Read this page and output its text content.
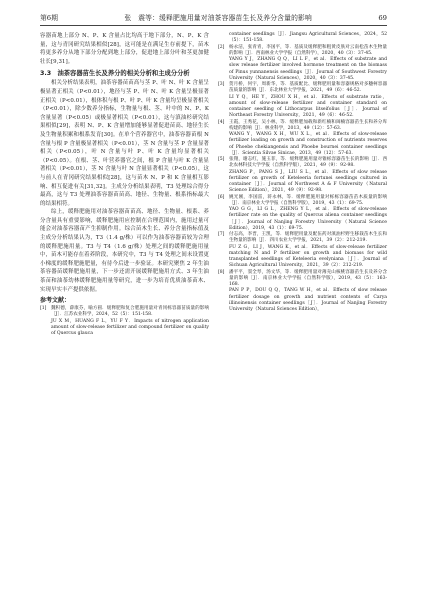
第6期	张　震等：缓释肥施用量对油茶容器苗生长及养分含量的影响	69

容器苗地上部分 N、P、K 含量占比均高于地下部分，N、P、K 含量，这与青冈研究结果相似[28]，这可能是在满足生存前提下，苗木将更多养分从地下部分分配到地上部分，促进地上部分叶和茎更加健壮长[9,31]。

3.3　油茶容器苗生长及养分的相关分析和主成分分析

相关分析结果表明，油茶容器苗苗高与茎 P、叶 N、叶 K 含量呈极显著正相关（P<0.01），地径与茎 P、叶 N、叶 K 含量呈极显著正相关（P<0.01），根体积与根 P、叶 P、叶 K 含量均呈极显著相关（P<0.01），除少数养分指标，生物量与根、茎、叶中的 N、P、K 含量显著（P<0.05）或极显著相关（P<0.01），这与滇油杉研究结果相似[29]，表明 N、P、K 含量增加能够显著促进苗高、地径生长及生物量积累和根系发育[30]。在单个营养器官中，油茶容器苗根 N 含量与根 P 含量极显著相关（P<0.01），茎 N 含量与茎 P 含量显著相关（P<0.05），叶 N 含量与叶 P、叶 K 含量均显著相关（P<0.05）。在根、茎、叶营养器官之间，根 P 含量与叶 K 含量显著相关（P<0.01），茎 N 含量与叶 N 含量显著相关（P<0.05），这与前人在青冈研究结果相似[28]，这与苗木 N、P 和 K 含量相互影响、相互促进有关[31,32]。主成分分析结果表明，T3 处理综合得分最高，这与 T3 处理油茶容器苗苗高、地径、生物量、根系指标最大的结果相符。

综上，缓释肥施用对油茶容器苗苗高、地径、生物量、根系、养分含量具有重要影响，缓释肥施用应控制在合理范围内，施用过量可能会对油茶容器苗产生抑制作用。综合苗木生长、养分含量指标值及主成分分析结果认为，T3（1.4 g/株）可以作为油茶容器苗较为合理的缓释肥施用量。T3 与 T4（1.6 g/株）处理之间的缓释肥施用量中，苗木可能存在着养阶段，本研究中，T3 与 T4 处理之间未设置更小梯度的缓释肥施肥量，有待今后进一步验证。本研究聚焦 2 年生油茶容器苗缓释肥施用量，下一步还需开展缓释肥施用方式、3 年生油茶苗和油茶幼林缓释肥施用量等研究，进一步为培育优质油茶苗木、实现早实丰产提供依据。

参考文献：
[1] 魏积德，薛康芬，喻方圆．缓释肥和复合肥施用量对青冈栎容器苗质量的影响［J］．江苏农业科学，2024，52（5）：151-158.
JU X M，HUANG F L，YU F Y．Impacts of nitrogen application amount of slow-release fertilizer and compound fertilizer on quality of Quercus glauca
container seedlings［J］．Jiangsu Agricultural Sciences，2024，52（5）：151-158.
[2] 杨永洁，张青青，李国平，等．基质及缓释肥和粗黄皮肤对云南松苗木生物量的影响［J］．西南林业大学学报（自然科学），2020，40（3）：37-45.
YANG Y J，ZHANG Q Q，LI L F，et al．Effects of substrate and slow release fertilizer involved hormone treatment on the biomass of Pinus yunnanensis seedlings［J］．Journal of Southwest Forestry University（Natural Sciences），2020，40（3）：37-45.
[3] 贺月桥，何宇，周新华，等．基质配比、缓释肥用量和容器规格对多穗柯容器苗质量的影响［J］．东北林业大学学报，2021，49（6）：46-52.
LI Y Q，HE Y，ZHOU X H，et al．Effects of substrate ratio，amount of slow-release fertilizer and container standard on container seedling of Lithocarpus litseifolius［J］．Journal of Northeast Forestry University，2021，49（6）：46-52.
[4] 王霞，王秀花，吴小林，等．缓释肥加载和新红楠和闽楠容器苗生长和养分库构建的影响［J］．林业科学，2013，49（12）：57-63.
WANG Y，WANG X H，WU X L，et al．Effects of slow-release fertilizer loading on growth and construction of nutrients reserves of Phoebe chekiangensis and Phoebe bournei container seedlings［J］．Scientia Silvae Sinicae，2013，49（12）：57-63.
[5] 张翔，谢志红，施玉菲，等．缓释肥施用量对锥栎容器苗生长的影响［J］．西北农林科技大学学报（自然科学版），2021，49（9）：92-98.
ZHANG P，PANG S J，LIU S L，et al．Effects of slow release fertilizer on growth of Keteleeria fortunei seedlings cultured in container［J］．Journal of Northwest A & F University（Natural Science Edition），2021，49（9）：92-98.
[6] 姚光刚，李国雷，蒋永林，等．缓释肥施用量对栎栎容器苗苗木质量的影响［J］．南京林业大学学报（自然科学版），2019，43（1）：69-75.
YAO G G，LI G L，ZHENG Y L，et al．Effects of slow-release fertilizer rate on the quality of Quercus aliena container seedlings［J］．Journal of Nanjing Forestry University（Natural Science Edition），2019，43（1）：69-75.
[7] 付志高，李晋，王凯，等．缓释肥用量及配伍药对滇油杉野生移栽苗木生长和生物量的影响［J］．四川农业大学学报，2021，39（2）：212-219.
FU Z G，LI J，WANG K，et al．Effects of slow-release fertilizer matching N and P fertilizer on growth and biomass for wild transplanted seedlings of Keteleeria evelyniana［J］．Journal of Sichuan Agricultural University，2021，39（2）：212-219.
[8] 潘平平，窦全琴，汤文华，等．缓释肥用量对薄壳山核桃容器苗生长及养分含量的影响［J］．南京林业大学学报（自然科学版），2019，43（5）：163-168.
PAN P P，DOU Q Q，TANG W H，et al．Effects of slow release fertilizer dosage on growth and nutrient contents of Carya illinoinensis container seedlings［J］．Journal of Nanjing Forestry University（Natural Sciences Edition），
